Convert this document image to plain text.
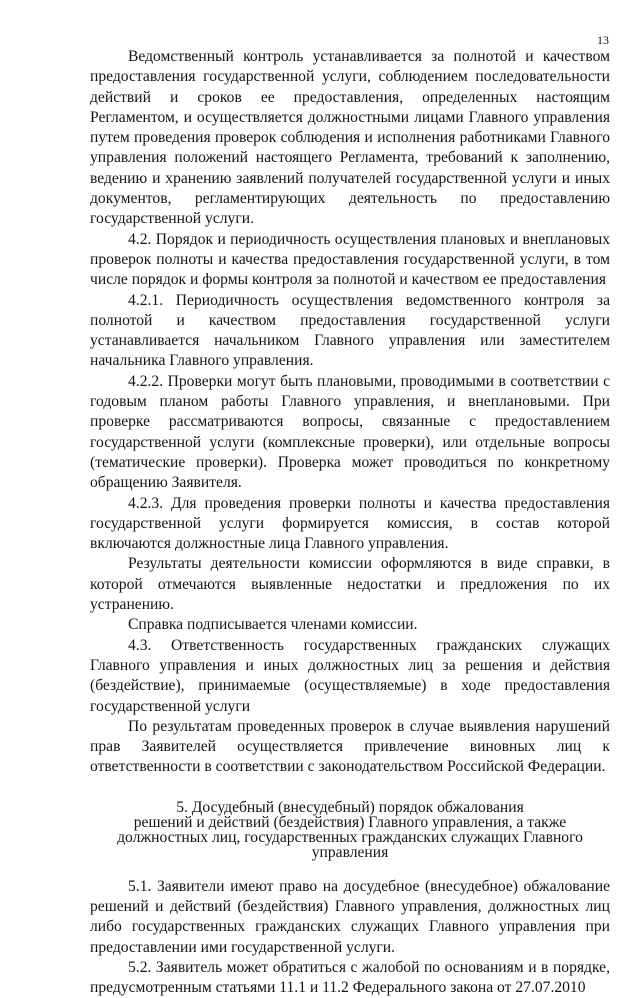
13

Ведомственный контроль устанавливается за полнотой и качеством предоставления государственной услуги, соблюдением последовательности действий и сроков ее предоставления, определенных настоящим Регламентом, и осуществляется должностными лицами Главного управления путем проведения проверок соблюдения и исполнения работниками Главного управления положений настоящего Регламента, требований к заполнению, ведению и хранению заявлений получателей государственной услуги и иных документов, регламентирующих деятельность по предоставлению государственной услуги.

4.2. Порядок и периодичность осуществления плановых и внеплановых проверок полноты и качества предоставления государственной услуги, в том числе порядок и формы контроля за полнотой и качеством ее предоставления

4.2.1. Периодичность осуществления ведомственного контроля за полнотой и качеством предоставления государственной услуги устанавливается начальником Главного управления или заместителем начальника Главного управления.

4.2.2. Проверки могут быть плановыми, проводимыми в соответствии с годовым планом работы Главного управления, и внеплановыми. При проверке рассматриваются вопросы, связанные с предоставлением государственной услуги (комплексные проверки), или отдельные вопросы (тематические проверки). Проверка может проводиться по конкретному обращению Заявителя.

4.2.3. Для проведения проверки полноты и качества предоставления государственной услуги формируется комиссия, в состав которой включаются должностные лица Главного управления.

Результаты деятельности комиссии оформляются в виде справки, в которой отмечаются выявленные недостатки и предложения по их устранению.

Справка подписывается членами комиссии.

4.3. Ответственность государственных гражданских служащих Главного управления и иных должностных лиц за решения и действия (бездействие), принимаемые (осуществляемые) в ходе предоставления государственной услуги

По результатам проведенных проверок в случае выявления нарушений прав Заявителей осуществляется привлечение виновных лиц к ответственности в соответствии с законодательством Российской Федерации.

5. Досудебный (внесудебный) порядок обжалования
решений и действий (бездействия) Главного управления, а также
должностных лиц, государственных гражданских служащих Главного
управления

5.1. Заявители имеют право на досудебное (внесудебное) обжалование решений и действий (бездействия) Главного управления, должностных лиц либо государственных гражданских служащих Главного управления при предоставлении ими государственной услуги.

5.2. Заявитель может обратиться с жалобой по основаниям и в порядке, предусмотренным статьями 11.1 и 11.2 Федерального закона от 27.07.2010
